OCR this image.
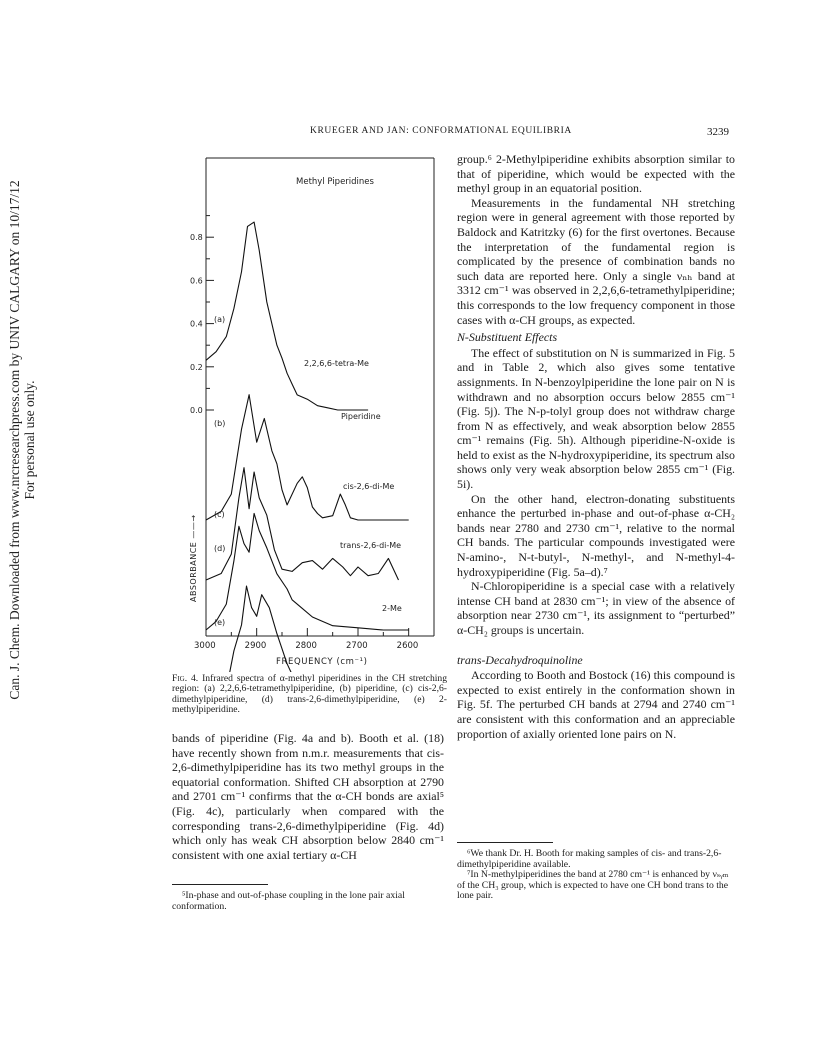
Can. J. Chem. Downloaded from www.nrcresearchpress.com by UNIV CALGARY on 10/17/12 For personal use only.
KRUEGER AND JAN: CONFORMATIONAL EQUILIBRIA	3239
Methyl Piperidines
ABSORBANCE ——→
FREQUENCY (cm⁻¹)
0.8
0.6
0.4
0.2
0.0
3000	2900	2800	2700	2600
2,2,6,6-tetra-Me
(a)
Piperidine
(b)
cis-2,6-di-Me
(c)
trans-2,6-di-Me
(d)
2-Me
(e)
Fig. 4. Infrared spectra of α-methyl piperidines in the CH stretching region: (a) 2,2,6,6-tetramethylpiperidine, (b) piperidine, (c) cis-2,6-dimethylpiperidine, (d) trans-2,6-dimethylpiperidine, (e) 2-methylpiperidine.

bands of piperidine (Fig. 4a and b). Booth et al. (18) have recently shown from n.m.r. measurements that cis-2,6-dimethylpiperidine has its two methyl groups in the equatorial conformation. Shifted CH absorption at 2790 and 2701 cm⁻¹ confirms that the α-CH bonds are axial⁵ (Fig. 4c), particularly when compared with the corresponding trans-2,6-dimethylpiperidine (Fig. 4d) which only has weak CH absorption below 2840 cm⁻¹ consistent with one axial tertiary α-CH

⁵In-phase and out-of-phase coupling in the lone pair axial conformation.

group.⁶ 2-Methylpiperidine exhibits absorption similar to that of piperidine, which would be expected with the methyl group in an equatorial position.

Measurements in the fundamental NH stretching region were in general agreement with those reported by Baldock and Katritzky (6) for the first overtones. Because the interpretation of the fundamental region is complicated by the presence of combination bands no such data are reported here. Only a single νₙₕ band at 3312 cm⁻¹ was observed in 2,2,6,6-tetramethylpiperidine; this corresponds to the low frequency component in those cases with α-CH groups, as expected.

N-Substituent Effects

The effect of substitution on N is summarized in Fig. 5 and in Table 2, which also gives some tentative assignments. In N-benzoylpiperidine the lone pair on N is withdrawn and no absorption occurs below 2855 cm⁻¹ (Fig. 5j). The N-p-tolyl group does not withdraw charge from N as effectively, and weak absorption below 2855 cm⁻¹ remains (Fig. 5h). Although piperidine-N-oxide is held to exist as the N-hydroxypiperidine, its spectrum also shows only very weak absorption below 2855 cm⁻¹ (Fig. 5i).

On the other hand, electron-donating substituents enhance the perturbed in-phase and out-of-phase α-CH₂ bands near 2780 and 2730 cm⁻¹, relative to the normal CH bands. The particular compounds investigated were N-amino-, N-t-butyl-, N-methyl-, and N-methyl-4-hydroxypiperidine (Fig. 5a–d).⁷

N-Chloropiperidine is a special case with a relatively intense CH band at 2830 cm⁻¹; in view of the absence of absorption near 2730 cm⁻¹, its assignment to “perturbed” α-CH₂ groups is uncertain.

trans-Decahydroquinoline

According to Booth and Bostock (16) this compound is expected to exist entirely in the conformation shown in Fig. 5f. The perturbed CH bands at 2794 and 2740 cm⁻¹ are consistent with this conformation and an appreciable proportion of axially oriented lone pairs on N.

⁶We thank Dr. H. Booth for making samples of cis- and trans-2,6-dimethylpiperidine available.

⁷In N-methylpiperidines the band at 2780 cm⁻¹ is enhanced by νₛᵧₘ of the CH₃ group, which is expected to have one CH bond trans to the lone pair.
